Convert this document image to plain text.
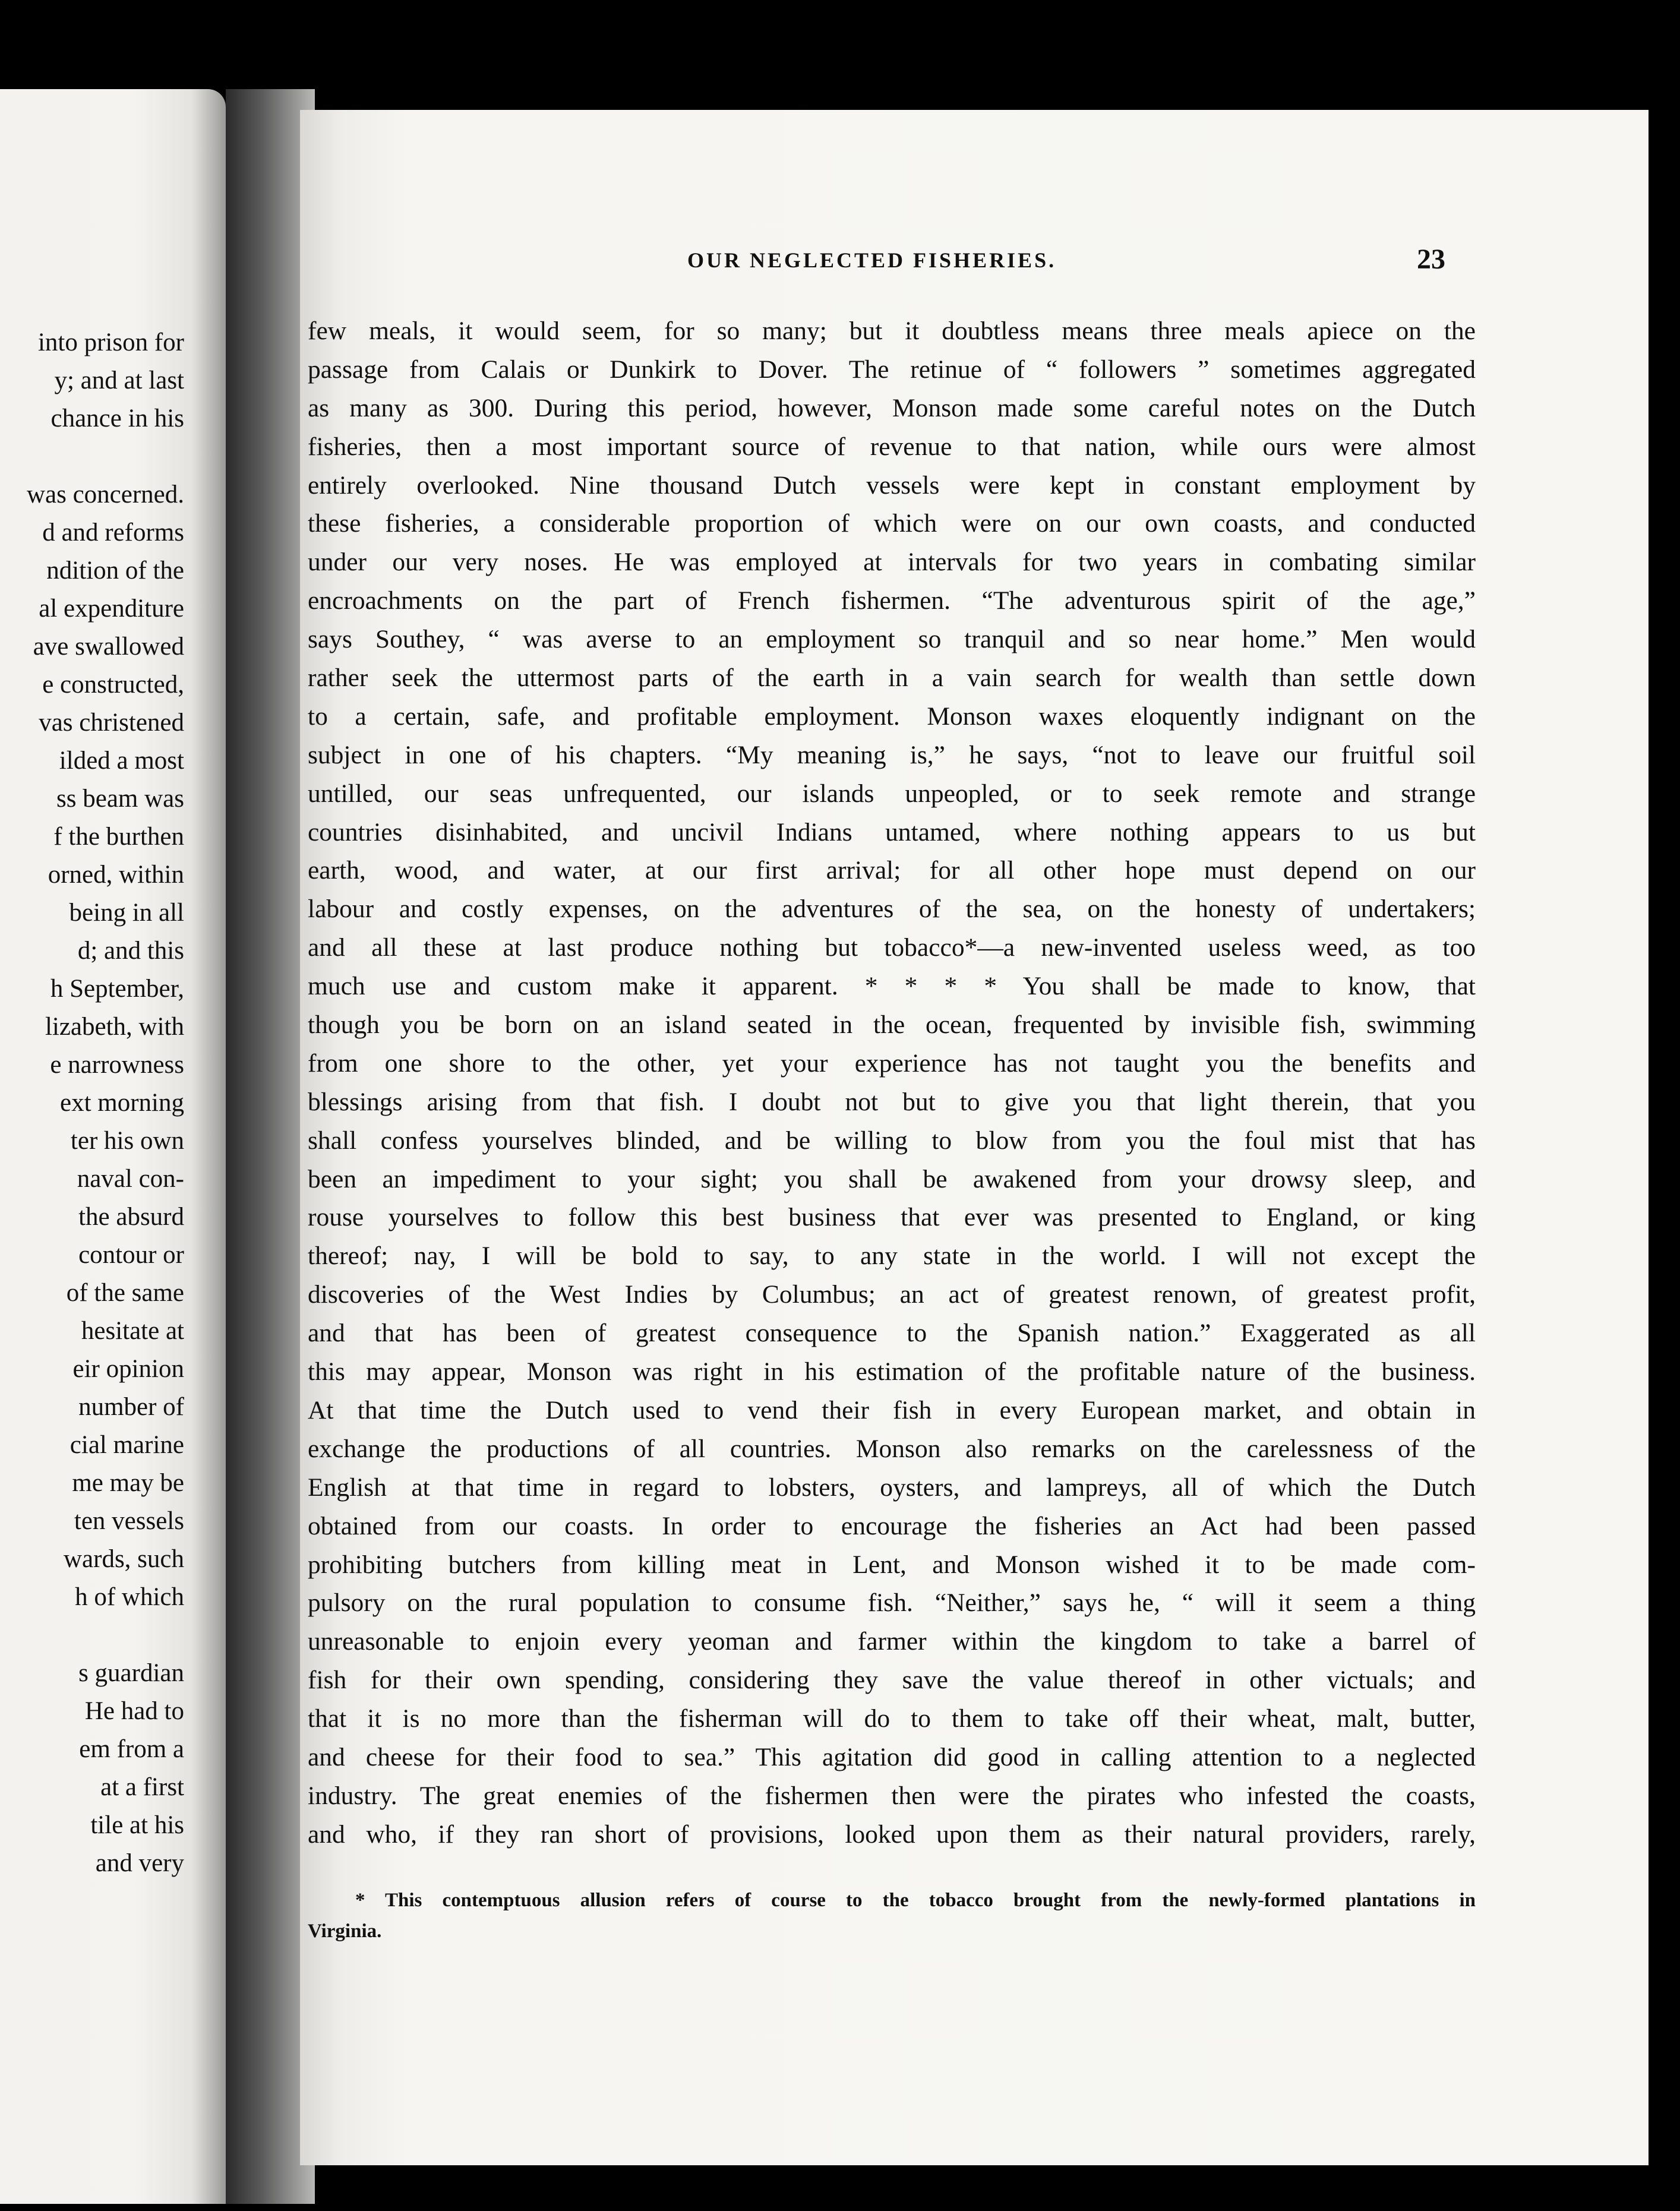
into prison for
y; and at last
chance in his
was concerned.
d and reforms
ndition of the
al expenditure
ave swallowed
e constructed,
vas christened
ilded a most
ss beam was
f the burthen
orned, within
being in all
d; and this
h September,
lizabeth, with
e narrowness
ext morning
ter his own
naval con-
the absurd
contour or
of the same
hesitate at
eir opinion
number of
cial marine
me may be
ten vessels
wards, such
h of which
s guardian
He had to
em from a
at a first
tile at his
and very
OUR NEGLECTED FISHERIES.	23
few meals, it would seem, for so many; but it doubtless means three meals apiece on the
passage from Calais or Dunkirk to Dover. The retinue of “ followers ” sometimes aggregated
as many as 300. During this period, however, Monson made some careful notes on the Dutch
fisheries, then a most important source of revenue to that nation, while ours were almost
entirely overlooked. Nine thousand Dutch vessels were kept in constant employment by
these fisheries, a considerable proportion of which were on our own coasts, and conducted
under our very noses. He was employed at intervals for two years in combating similar
encroachments on the part of French fishermen. “The adventurous spirit of the age,”
says Southey, “ was averse to an employment so tranquil and so near home.” Men would
rather seek the uttermost parts of the earth in a vain search for wealth than settle down
to a certain, safe, and profitable employment. Monson waxes eloquently indignant on the
subject in one of his chapters. “My meaning is,” he says, “not to leave our fruitful soil
untilled, our seas unfrequented, our islands unpeopled, or to seek remote and strange
countries disinhabited, and uncivil Indians untamed, where nothing appears to us but
earth, wood, and water, at our first arrival; for all other hope must depend on our
labour and costly expenses, on the adventures of the sea, on the honesty of undertakers;
and all these at last produce nothing but tobacco*—a new-invented useless weed, as too
much use and custom make it apparent. * * * * You shall be made to know, that
though you be born on an island seated in the ocean, frequented by invisible fish, swimming
from one shore to the other, yet your experience has not taught you the benefits and
blessings arising from that fish. I doubt not but to give you that light therein, that you
shall confess yourselves blinded, and be willing to blow from you the foul mist that has
been an impediment to your sight; you shall be awakened from your drowsy sleep, and
rouse yourselves to follow this best business that ever was presented to England, or king
thereof; nay, I will be bold to say, to any state in the world. I will not except the
discoveries of the West Indies by Columbus; an act of greatest renown, of greatest profit,
and that has been of greatest consequence to the Spanish nation.” Exaggerated as all
this may appear, Monson was right in his estimation of the profitable nature of the business.
At that time the Dutch used to vend their fish in every European market, and obtain in
exchange the productions of all countries. Monson also remarks on the carelessness of the
English at that time in regard to lobsters, oysters, and lampreys, all of which the Dutch
obtained from our coasts. In order to encourage the fisheries an Act had been passed
prohibiting butchers from killing meat in Lent, and Monson wished it to be made com-
pulsory on the rural population to consume fish. “Neither,” says he, “ will it seem a thing
unreasonable to enjoin every yeoman and farmer within the kingdom to take a barrel of
fish for their own spending, considering they save the value thereof in other victuals; and
that it is no more than the fisherman will do to them to take off their wheat, malt, butter,
and cheese for their food to sea.” This agitation did good in calling attention to a neglected
industry. The great enemies of the fishermen then were the pirates who infested the coasts,
and who, if they ran short of provisions, looked upon them as their natural providers, rarely,
* This contemptuous allusion refers of course to the tobacco brought from the newly-formed plantations in
Virginia.
